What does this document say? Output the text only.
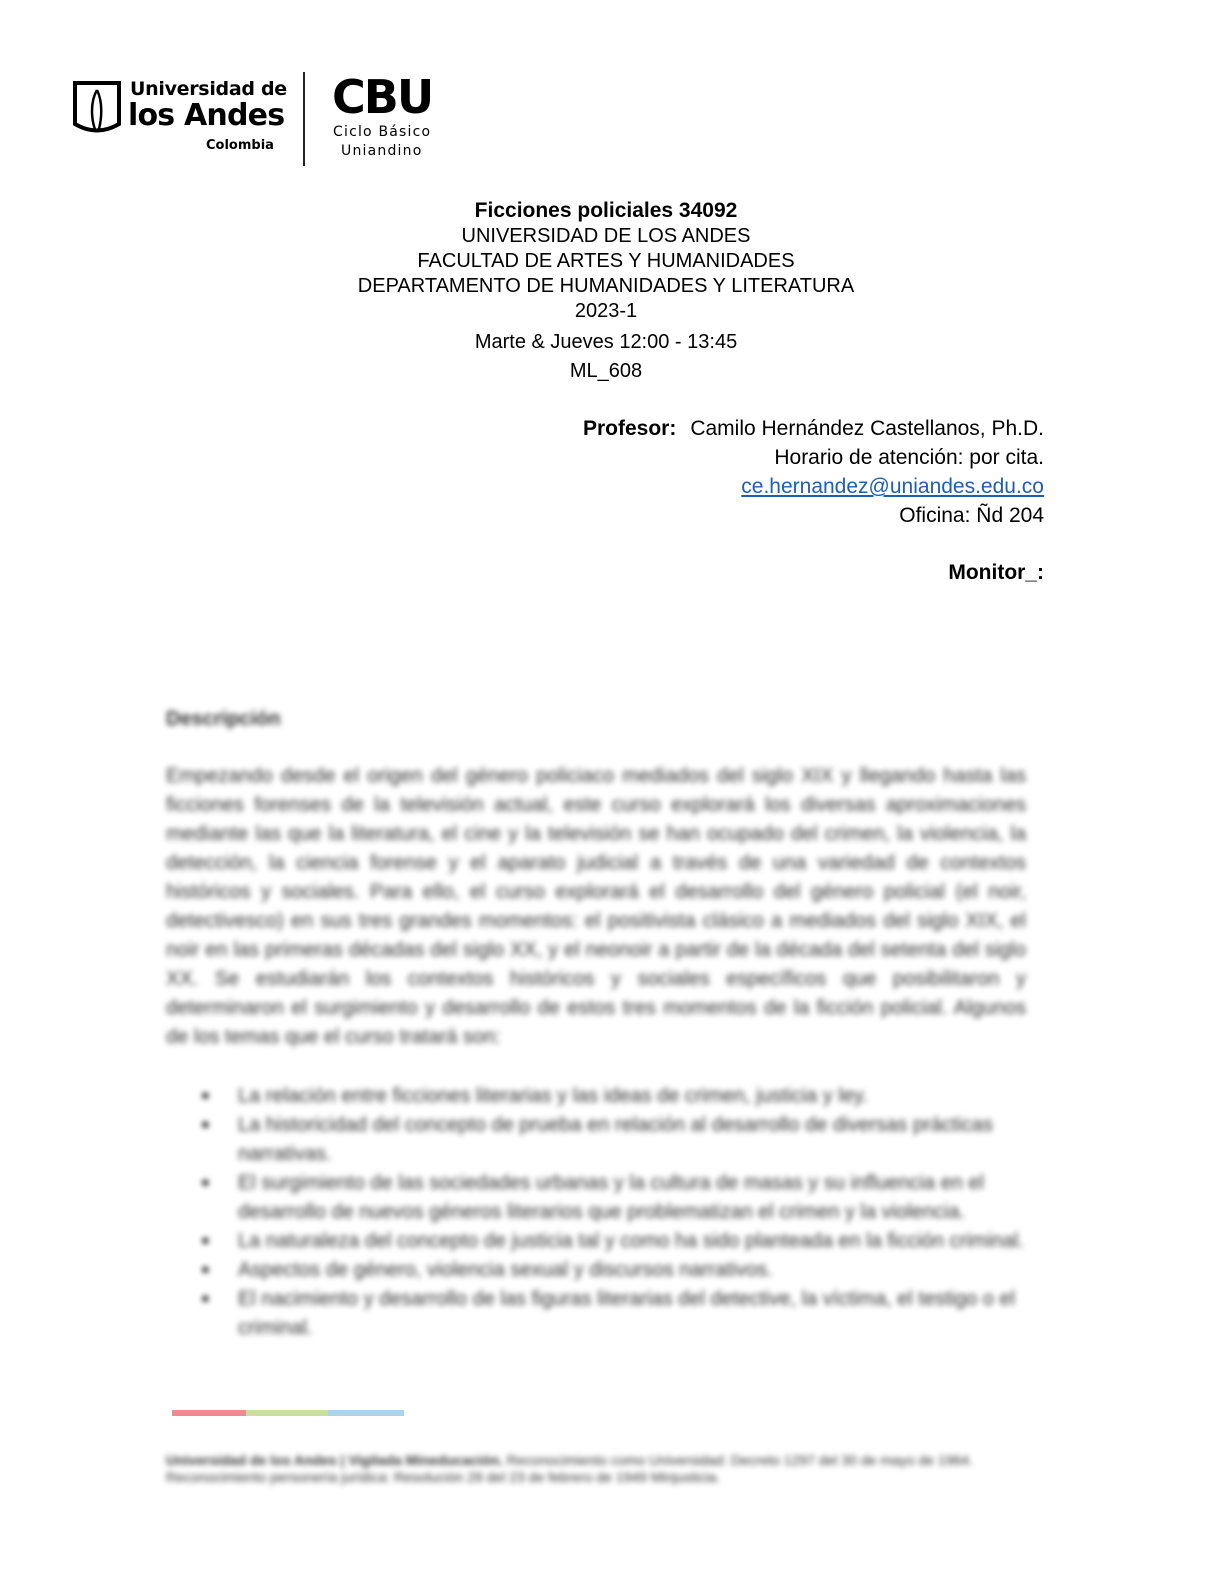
Universidad de
los Andes
Colombia
CBU
Ciclo Básico
Uniandino
Ficciones policiales 34092
UNIVERSIDAD DE LOS ANDES
FACULTAD DE ARTES Y HUMANIDADES
DEPARTAMENTO DE HUMANIDADES Y LITERATURA
2023-1
Marte & Jueves 12:00 - 13:45
ML_608
Profesor: Camilo Hernández Castellanos, Ph.D.
Horario de atención: por cita.
ce.hernandez@uniandes.edu.co
Oficina: Ñd 204
Monitor_:
Descripción
Empezando desde el origen del género policiaco mediados del siglo XIX y llegando hasta las ficciones forenses de la televisión actual, este curso explorará los diversas aproximaciones mediante las que la literatura, el cine y la televisión se han ocupado del crimen, la violencia, la detección, la ciencia forense y el aparato judicial a través de una variedad de contextos históricos y sociales. Para ello, el curso explorará el desarrollo del género policial (el noir, detectivesco) en sus tres grandes momentos: el positivista clásico a mediados del siglo XIX, el noir en las primeras décadas del siglo XX, y el neonoir a partir de la década del setenta del siglo XX. Se estudiarán los contextos históricos y sociales específicos que posibilitaron y determinaron el surgimiento y desarrollo de estos tres momentos de la ficción policial. Algunos de los temas que el curso tratará son:
■ La relación entre ficciones literarias y las ideas de crimen, justicia y ley.
■ La historicidad del concepto de prueba en relación al desarrollo de diversas prácticas narrativas.
■ El surgimiento de las sociedades urbanas y la cultura de masas y su influencia en el desarrollo de nuevos géneros literarios que problematizan el crimen y la violencia.
■ La naturaleza del concepto de justicia tal y como ha sido planteada en la ficción criminal.
■ Aspectos de género, violencia sexual y discursos narrativos.
■ El nacimiento y desarrollo de las figuras literarias del detective, la víctima, el testigo o el criminal.
Universidad de los Andes | Vigilada Mineducación. Reconocimiento como Universidad: Decreto 1297 del 30 de mayo de 1964.
Reconocimiento personería jurídica: Resolución 28 del 23 de febrero de 1949 Minjusticia.
